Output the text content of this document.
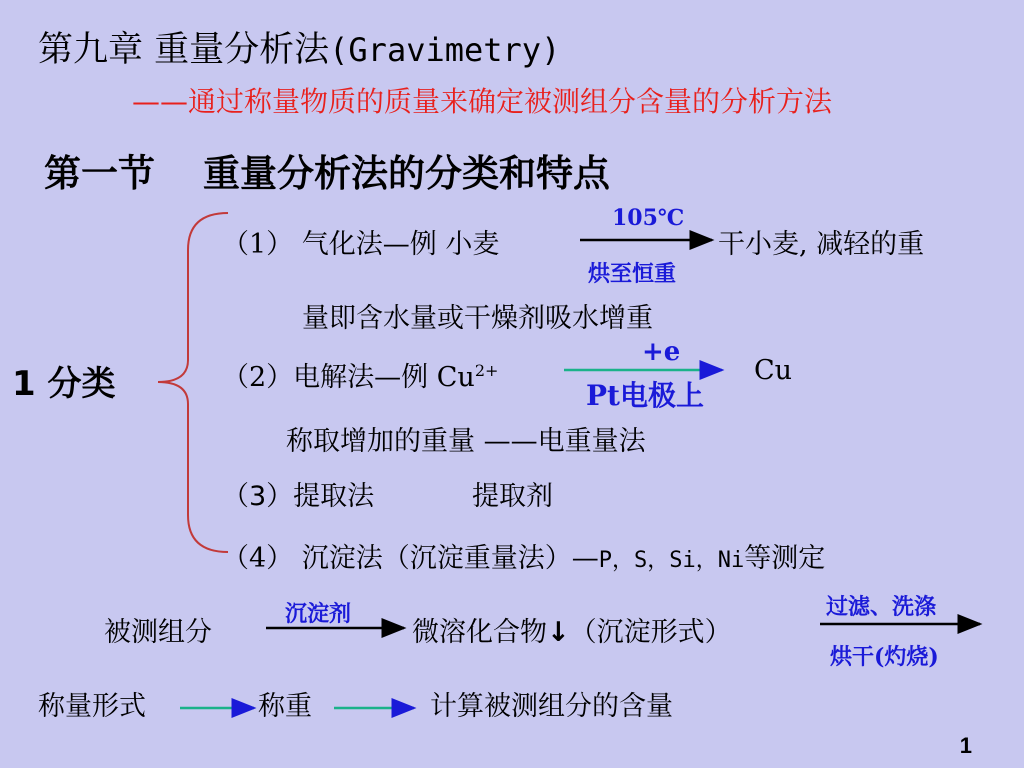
第九章 重量分析法(Gravimetry)
——通过称量物质的质量来确定被测组分含量的分析方法
第一节 重量分析法的分类和特点
1 分类
（1） 气化法—例 小麦
105℃
烘至恒重
干小麦, 减轻的重
量即含水量或干燥剂吸水增重
（2）电解法—例 $Cu^{2+}$
+e
Pt电极上
Cu
称取增加的重量 ——电重量法
（3）提取法	提取剂
（4） 沉淀法（沉淀重量法）—P，S，Si，Ni等测定
被测组分
沉淀剂
微溶化合物↓（沉淀形式）
过滤、洗涤
烘干(灼烧)
称量形式	称重	计算被测组分的含量
1
